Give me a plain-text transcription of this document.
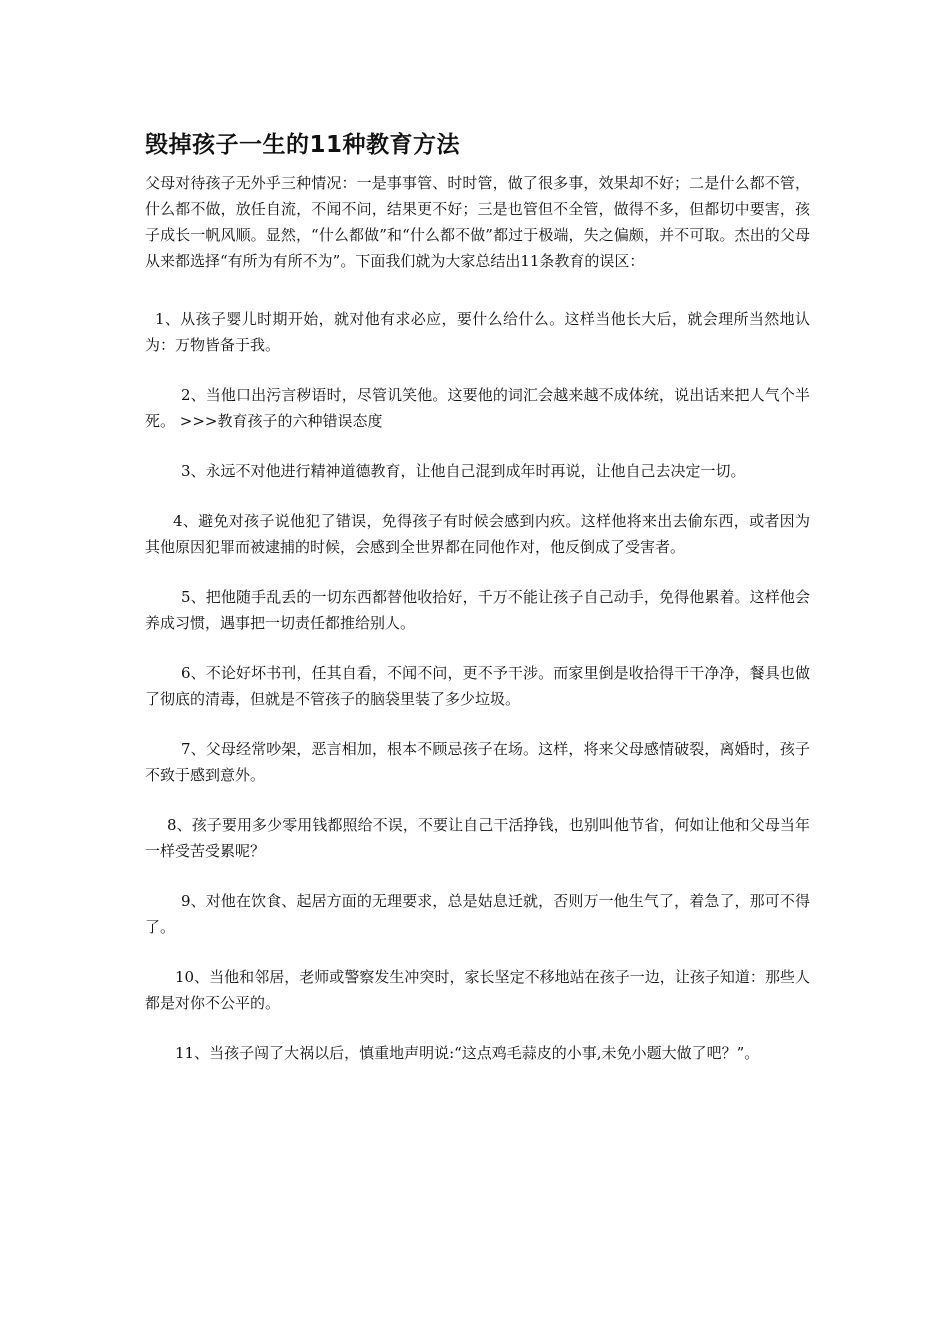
毁掉孩子一生的11种教育方法

父母对待孩子无外乎三种情况：一是事事管、时时管，做了很多事，效果却不好；二是什么都不管，什么都不做，放任自流，不闻不问，结果更不好；三是也管但不全管，做得不多，但都切中要害，孩子成长一帆风顺。显然，“什么都做”和“什么都不做”都过于极端，失之偏颇，并不可取。杰出的父母从来都选择“有所为有所不为”。下面我们就为大家总结出11条教育的误区：

1、从孩子婴儿时期开始，就对他有求必应，要什么给什么。这样当他长大后，就会理所当然地认为：万物皆备于我。

2、当他口出污言秽语时，尽管讥笑他。这要他的词汇会越来越不成体统，说出话来把人气个半死。 >>>教育孩子的六种错误态度

3、永远不对他进行精神道德教育，让他自己混到成年时再说，让他自己去决定一切。

4、避免对孩子说他犯了错误，免得孩子有时候会感到内疚。这样他将来出去偷东西，或者因为其他原因犯罪而被逮捕的时候，会感到全世界都在同他作对，他反倒成了受害者。

5、把他随手乱丢的一切东西都替他收拾好，千万不能让孩子自己动手，免得他累着。这样他会养成习惯，遇事把一切责任都推给别人。

6、不论好坏书刊，任其自看，不闻不问，更不予干涉。而家里倒是收拾得干干净净，餐具也做了彻底的清毒，但就是不管孩子的脑袋里装了多少垃圾。

7、父母经常吵架，恶言相加，根本不顾忌孩子在场。这样，将来父母感情破裂，离婚时，孩子不致于感到意外。

8、孩子要用多少零用钱都照给不误，不要让自己干活挣钱，也别叫他节省，何如让他和父母当年一样受苦受累呢？

9、对他在饮食、起居方面的无理要求，总是姑息迁就，否则万一他生气了，着急了，那可不得了。

10、当他和邻居，老师或警察发生冲突时，家长坚定不移地站在孩子一边，让孩子知道：那些人都是对你不公平的。

11、当孩子闯了大祸以后，慎重地声明说:“这点鸡毛蒜皮的小事,未免小题大做了吧？”。
